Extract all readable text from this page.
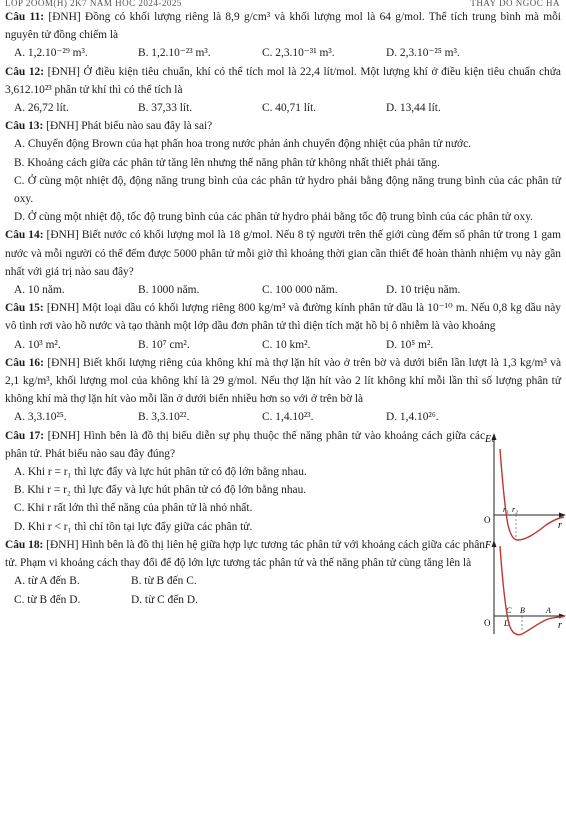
LOP 2OOM(H) 2K7 NAM HOC 2024-2025	THAY DO NGOC HA

Câu 11: [ĐNH] Đồng có khối lượng riêng là 8,9 g/cm³ và khối lượng mol là 64 g/mol. Thể tích trung bình mà mỗi nguyên tử đồng chiếm là

A. 1,2.10⁻²⁹ m³.	B. 1,2.10⁻²³ m³.	C. 2,3.10⁻³¹ m³.	D. 2,3.10⁻²⁵ m³.

Câu 12: [ĐNH] Ở điều kiện tiêu chuẩn, khí có thể tích mol là 22,4 lít/mol. Một lượng khí ở điều kiện tiêu chuẩn chứa 3,612.10²³ phân tử khí thì có thể tích là

A. 26,72 lít.	B. 37,33 lít.	C. 40,71 lít.	D. 13,44 lít.

Câu 13: [ĐNH] Phát biểu nào sau đây là sai?

A. Chuyển động Brown của hạt phấn hoa trong nước phản ánh chuyển động nhiệt của phân tử nước.

B. Khoảng cách giữa các phân tử tăng lên nhưng thế năng phân tử không nhất thiết phải tăng.

C. Ở cùng một nhiệt độ, động năng trung bình của các phân tử hydro phải bằng động năng trung bình của các phân tử oxy.

D. Ở cùng một nhiệt độ, tốc độ trung bình của các phân tử hydro phải bằng tốc độ trung bình của các phân tử oxy.

Câu 14: [ĐNH] Biết nước có khối lượng mol là 18 g/mol. Nếu 8 tỷ người trên thế giới cùng đếm số phân tử trong 1 gam nước và mỗi người có thể đếm được 5000 phân tử mỗi giờ thì khoảng thời gian cần thiết để hoàn thành nhiệm vụ này gần nhất với giá trị nào sau đây?

A. 10 năm.	B. 1000 năm.	C. 100 000 năm.	D. 10 triệu năm.

Câu 15: [ĐNH] Một loại dầu có khối lượng riêng 800 kg/m³ và đường kính phân tử dầu là 10⁻¹⁰ m. Nếu 0,8 kg dầu này vô tình rơi vào hồ nước và tạo thành một lớp dầu đơn phân tử thì diện tích mặt hồ bị ô nhiễm là vào khoảng

A. 10³ m².	B. 10⁷ cm².	C. 10 km².	D. 10⁵ m².

Câu 16: [ĐNH] Biết khối lượng riêng của không khí mà thợ lặn hít vào ở trên bờ và dưới biển lần lượt là 1,3 kg/m³ và 2,1 kg/m³, khối lượng mol của không khí là 29 g/mol. Nếu thợ lặn hít vào 2 lít không khí mỗi lần thì số lượng phân tử không khí mà thợ lặn hít vào mỗi lần ở dưới biển nhiều hơn so với ở trên bờ là

A. 3,3.10²⁵.	B. 3,3.10²².	C. 1,4.10²³.	D. 1,4.10²⁶.

Câu 17: [ĐNH] Hình bên là đồ thị biểu diễn sự phụ thuộc thế năng phân tử vào khoảng cách giữa các phân tử. Phát biểu nào sau đây đúng?

A. Khi r = r₁ thì lực đẩy và lực hút phân tử có độ lớn bằng nhau.

B. Khi r = r₂ thì lực đẩy và lực hút phân tử có độ lớn bằng nhau.

C. Khi r rất lớn thì thế năng của phân tử là nhỏ nhất.

D. Khi r < r₁ thì chỉ tồn tại lực đẩy giữa các phân tử.

Eₜ
O	r
r₁ r₂

Câu 18: [ĐNH] Hình bên là đồ thị liên hệ giữa hợp lực tương tác phân tử với khoảng cách giữa các phân tử. Phạm vi khoảng cách thay đổi để độ lớn lực tương tác phân tử và thế năng phân tử cùng tăng lên là

A. từ A đến B.	B. từ B đến C.
C. từ B đến D.	D. từ C đến D.
F
O	r
C B	A
D
